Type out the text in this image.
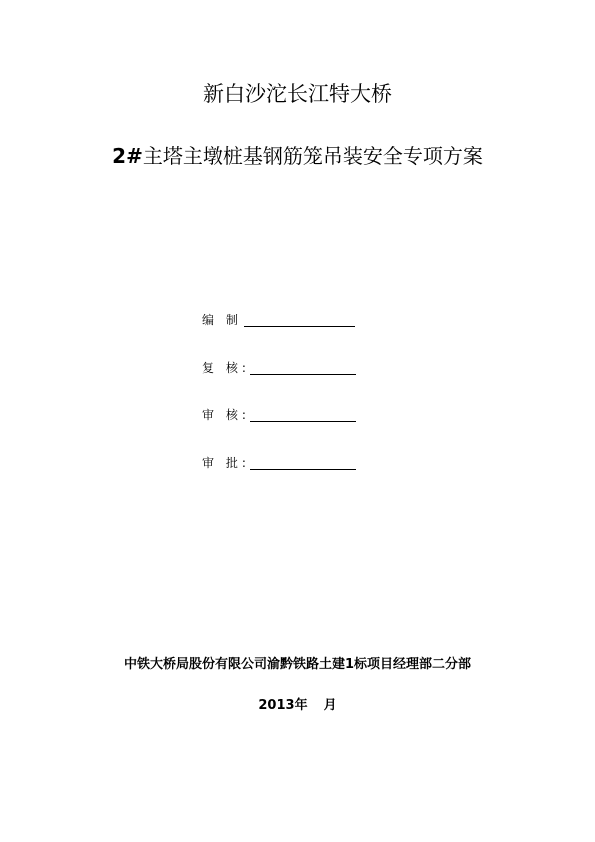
新白沙沱长江特大桥
2#主塔主墩桩基钢筋笼吊装安全专项方案
编 制
复 核:
审 核:
审 批:
中铁大桥局股份有限公司渝黔铁路土建1标项目经理部二分部
2013年 月
